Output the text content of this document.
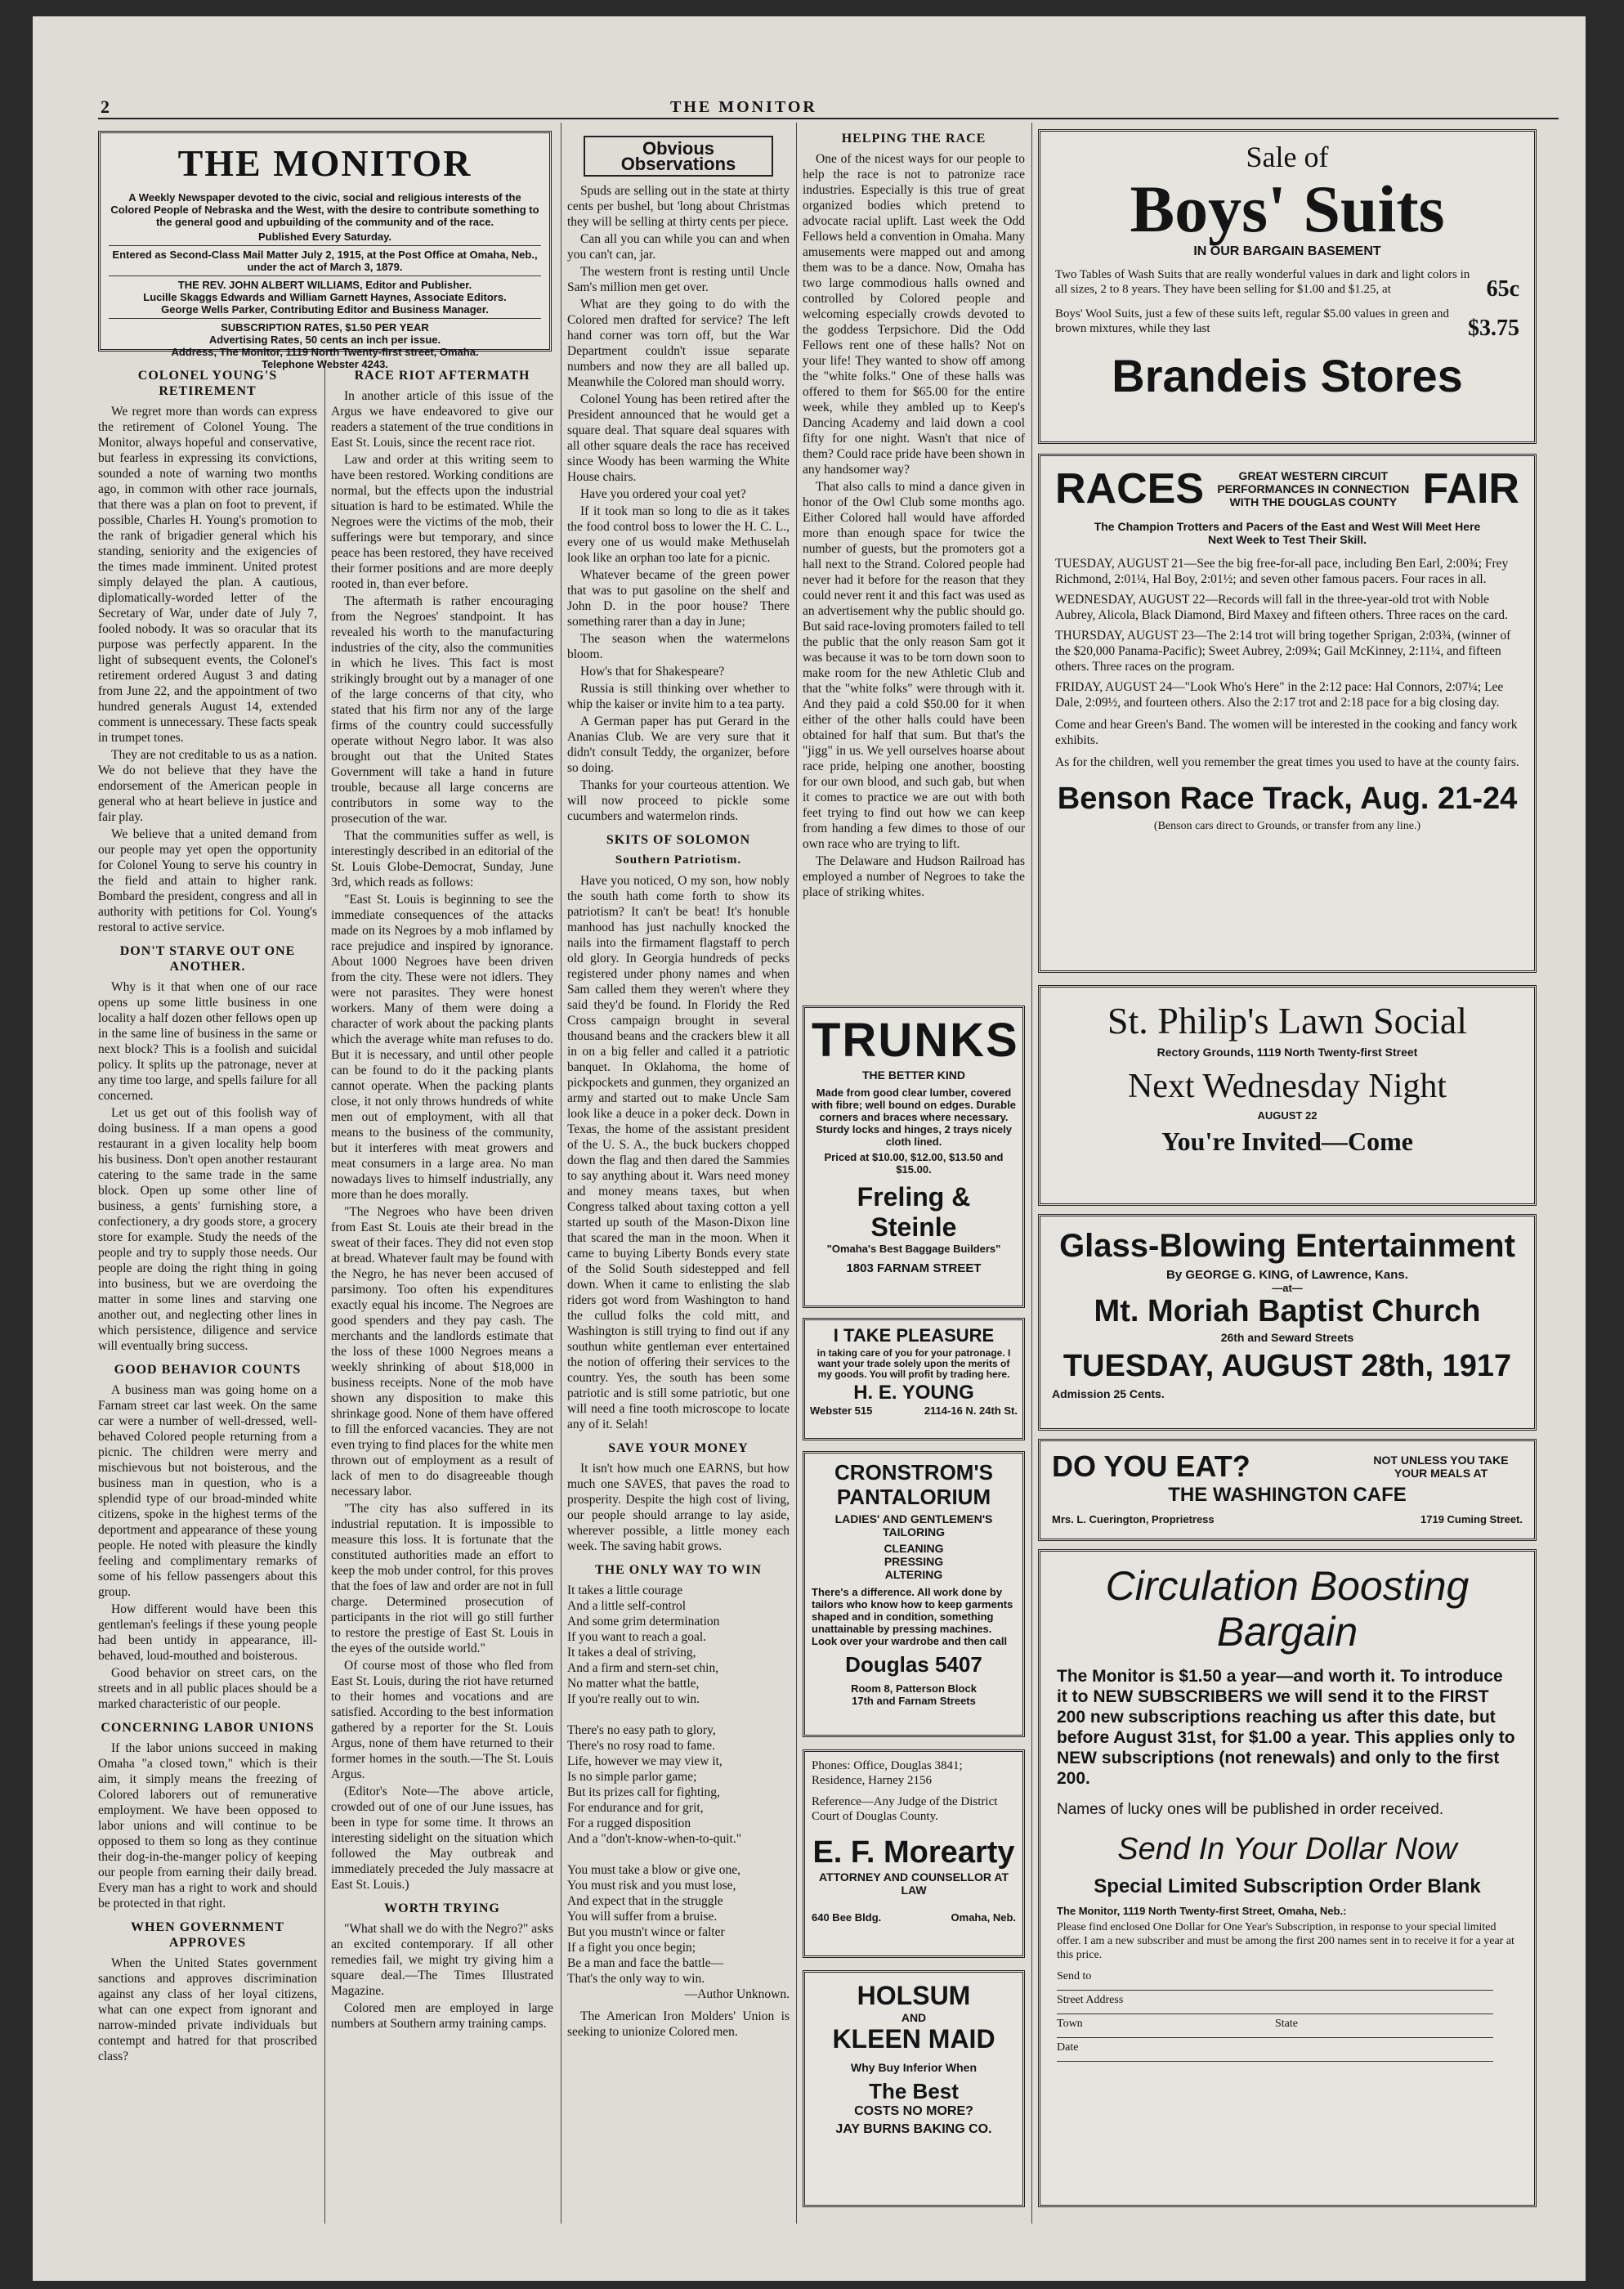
2	THE MONITOR
THE MONITOR
A Weekly Newspaper devoted to the civic, social and religious interests of the Colored People of Nebraska and the West, with the desire to contribute something to the general good and upbuilding of the community and of the race.
Published Every Saturday.
Entered as Second-Class Mail Matter July 2, 1915, at the Post Office at Omaha, Neb., under the act of March 3, 1879.
THE REV. JOHN ALBERT WILLIAMS, Editor and Publisher.
Lucille Skaggs Edwards and William Garnett Haynes, Associate Editors.
George Wells Parker, Contributing Editor and Business Manager.
SUBSCRIPTION RATES, $1.50 PER YEAR
Advertising Rates, 50 cents an inch per issue.
Address, The Monitor, 1119 North Twenty-first street, Omaha.
Telephone Webster 4243.
COLONEL YOUNG'S RETIREMENT

We regret more than words can express the retirement of Colonel Young. The Monitor, always hopeful and conservative, but fearless in expressing its convictions, sounded a note of warning two months ago, in common with other race journals, that there was a plan on foot to prevent, if possible, Charles H. Young's promotion to the rank of brigadier general which his standing, seniority and the exigencies of the times made imminent. United protest simply delayed the plan. A cautious, diplomatically-worded letter of the Secretary of War, under date of July 7, fooled nobody. It was so oracular that its purpose was perfectly apparent. In the light of subsequent events, the Colonel's retirement ordered August 3 and dating from June 22, and the appointment of two hundred generals August 14, extended comment is unnecessary. These facts speak in trumpet tones.

They are not creditable to us as a nation. We do not believe that they have the endorsement of the American people in general who at heart believe in justice and fair play.

We believe that a united demand from our people may yet open the opportunity for Colonel Young to serve his country in the field and attain to higher rank. Bombard the president, congress and all in authority with petitions for Col. Young's restoral to active service.

DON'T STARVE OUT ONE ANOTHER.

Why is it that when one of our race opens up some little business in one locality a half dozen other fellows open up in the same line of business in the same or next block? This is a foolish and suicidal policy. It splits up the patronage, never at any time too large, and spells failure for all concerned.

Let us get out of this foolish way of doing business. If a man opens a good restaurant in a given locality help boom his business. Don't open another restaurant catering to the same trade in the same block. Open up some other line of business, a gents' furnishing store, a confectionery, a dry goods store, a grocery store for example. Study the needs of the people and try to supply those needs. Our people are doing the right thing in going into business, but we are overdoing the matter in some lines and starving one another out, and neglecting other lines in which persistence, diligence and service will eventually bring success.

GOOD BEHAVIOR COUNTS

A business man was going home on a Farnam street car last week. On the same car were a number of well-dressed, well-behaved Colored people returning from a picnic. The children were merry and mischievous but not boisterous, and the business man in question, who is a splendid type of our broad-minded white citizens, spoke in the highest terms of the deportment and appearance of these young people. He noted with pleasure the kindly feeling and complimentary remarks of some of his fellow passengers about this group.

How different would have been this gentleman's feelings if these young people had been untidy in appearance, ill-behaved, loud-mouthed and boisterous.

Good behavior on street cars, on the streets and in all public places should be a marked characteristic of our people.

CONCERNING LABOR UNIONS

If the labor unions succeed in making Omaha "a closed town," which is their aim, it simply means the freezing of Colored laborers out of remunerative employment. We have been opposed to labor unions and will continue to be opposed to them so long as they continue their dog-in-the-manger policy of keeping our people from earning their daily bread. Every man has a right to work and should be protected in that right.

WHEN GOVERNMENT APPROVES

When the United States government sanctions and approves discrimination against any class of her loyal citizens, what can one expect from ignorant and narrow-minded private individuals but contempt and hatred for that proscribed class?

RACE RIOT AFTERMATH

In another article of this issue of the Argus we have endeavored to give our readers a statement of the true conditions in East St. Louis, since the recent race riot.

Law and order at this writing seem to have been restored. Working conditions are normal, but the effects upon the industrial situation is hard to be estimated. While the Negroes were the victims of the mob, their sufferings were but temporary, and since peace has been restored, they have received their former positions and are more deeply rooted in, than ever before.

The aftermath is rather encouraging from the Negroes' standpoint. It has revealed his worth to the manufacturing industries of the city, also the communities in which he lives. This fact is most strikingly brought out by a manager of one of the large concerns of that city, who stated that his firm nor any of the large firms of the country could successfully operate without Negro labor. It was also brought out that the United States Government will take a hand in future trouble, because all large concerns are contributors in some way to the prosecution of the war.

That the communities suffer as well, is interestingly described in an editorial of the St. Louis Globe-Democrat, Sunday, June 3rd, which reads as follows:

"East St. Louis is beginning to see the immediate consequences of the attacks made on its Negroes by a mob inflamed by race prejudice and inspired by ignorance. About 1000 Negroes have been driven from the city. These were not idlers. They were not parasites. They were honest workers. Many of them were doing a character of work about the packing plants which the average white man refuses to do. But it is necessary, and until other people can be found to do it the packing plants cannot operate. When the packing plants close, it not only throws hundreds of white men out of employment, with all that means to the business of the community, but it interferes with meat growers and meat consumers in a large area. No man nowadays lives to himself industrially, any more than he does morally.

"The Negroes who have been driven from East St. Louis ate their bread in the sweat of their faces. They did not even stop at bread. Whatever fault may be found with the Negro, he has never been accused of parsimony. Too often his expenditures exactly equal his income. The Negroes are good spenders and they pay cash. The merchants and the landlords estimate that the loss of these 1000 Negroes means a weekly shrinking of about $18,000 in business receipts. None of the mob have shown any disposition to make this shrinkage good. None of them have offered to fill the enforced vacancies. They are not even trying to find places for the white men thrown out of employment as a result of lack of men to do disagreeable though necessary labor.

"The city has also suffered in its industrial reputation. It is impossible to measure this loss. It is fortunate that the constituted authorities made an effort to keep the mob under control, for this proves that the foes of law and order are not in full charge. Determined prosecution of participants in the riot will go still further to restore the prestige of East St. Louis in the eyes of the outside world."

Of course most of those who fled from East St. Louis, during the riot have returned to their homes and vocations and are satisfied. According to the best information gathered by a reporter for the St. Louis Argus, none of them have returned to their former homes in the south.—The St. Louis Argus.

(Editor's Note—The above article, crowded out of one of our June issues, has been in type for some time. It throws an interesting sidelight on the situation which followed the May outbreak and immediately preceded the July massacre at East St. Louis.)

WORTH TRYING

"What shall we do with the Negro?" asks an excited contemporary. If all other remedies fail, we might try giving him a square deal.—The Times Illustrated Magazine.

Colored men are employed in large numbers at Southern army training camps.

Obvious Observations

Spuds are selling out in the state at thirty cents per bushel, but 'long about Christmas they will be selling at thirty cents per piece.

Can all you can while you can and when you can't can, jar.

The western front is resting until Uncle Sam's million men get over.

What are they going to do with the Colored men drafted for service? The left hand corner was torn off, but the War Department couldn't issue separate numbers and now they are all balled up. Meanwhile the Colored man should worry.

Colonel Young has been retired after the President announced that he would get a square deal. That square deal squares with all other square deals the race has received since Woody has been warming the White House chairs.

Have you ordered your coal yet?

If it took man so long to die as it takes the food control boss to lower the H. C. L., every one of us would make Methuselah look like an orphan too late for a picnic.

Whatever became of the green power that was to put gasoline on the shelf and John D. in the poor house? There something rarer than a day in June;

The season when the watermelons bloom.

How's that for Shakespeare?

Russia is still thinking over whether to whip the kaiser or invite him to a tea party.

A German paper has put Gerard in the Ananias Club. We are very sure that it didn't consult Teddy, the organizer, before so doing.

Thanks for your courteous attention. We will now proceed to pickle some cucumbers and watermelon rinds.

SKITS OF SOLOMON
Southern Patriotism.

Have you noticed, O my son, how nobly the south hath come forth to show its patriotism? It can't be beat! It's honuble manhood has just nachully knocked the nails into the firmament flagstaff to perch old glory. In Georgia hundreds of pecks registered under phony names and when Sam called them they weren't where they said they'd be found. In Floridy the Red Cross campaign brought in several thousand beans and the crackers blew it all in on a big feller and called it a patriotic banquet. In Oklahoma, the home of pickpockets and gunmen, they organized an army and started out to make Uncle Sam look like a deuce in a poker deck. Down in Texas, the home of the assistant president of the U. S. A., the buck buckers chopped down the flag and then dared the Sammies to say anything about it. Wars need money and money means taxes, but when Congress talked about taxing cotton a yell started up south of the Mason-Dixon line that scared the man in the moon. When it came to buying Liberty Bonds every state of the Solid South sidestepped and fell down. When it came to enlisting the slab riders got word from Washington to hand the cullud folks the cold mitt, and Washington is still trying to find out if any southun white gentleman ever entertained the notion of offering their services to the country. Yes, the south has been some patriotic and is still some patriotic, but one will need a fine tooth microscope to locate any of it. Selah!

SAVE YOUR MONEY

It isn't how much one EARNS, but how much one SAVES, that paves the road to prosperity. Despite the high cost of living, our people should arrange to lay aside, wherever possible, a little money each week. The saving habit grows.

THE ONLY WAY TO WIN

It takes a little courage

And a little self-control

And some grim determination

If you want to reach a goal.

It takes a deal of striving,

And a firm and stern-set chin,

No matter what the battle,

If you're really out to win.

There's no easy path to glory,

There's no rosy road to fame.

Life, however we may view it,

Is no simple parlor game;

But its prizes call for fighting,

For endurance and for grit,

For a rugged disposition

And a "don't-know-when-to-quit."

You must take a blow or give one,

You must risk and you must lose,

And expect that in the struggle

You will suffer from a bruise.

But you mustn't wince or falter

If a fight you once begin;

Be a man and face the battle—

That's the only way to win.

—Author Unknown.

The American Iron Molders' Union is seeking to unionize Colored men.

HELPING THE RACE

One of the nicest ways for our people to help the race is not to patronize race industries. Especially is this true of great organized bodies which pretend to advocate racial uplift. Last week the Odd Fellows held a convention in Omaha. Many amusements were mapped out and among them was to be a dance. Now, Omaha has two large commodious halls owned and controlled by Colored people and welcoming especially crowds devoted to the goddess Terpsichore. Did the Odd Fellows rent one of these halls? Not on your life! They wanted to show off among the "white folks." One of these halls was offered to them for $65.00 for the entire week, while they ambled up to Keep's Dancing Academy and laid down a cool fifty for one night. Wasn't that nice of them? Could race pride have been shown in any handsomer way?

That also calls to mind a dance given in honor of the Owl Club some months ago. Either Colored hall would have afforded more than enough space for twice the number of guests, but the promoters got a hall next to the Strand. Colored people had never had it before for the reason that they could never rent it and this fact was used as an advertisement why the public should go. But said race-loving promoters failed to tell the public that the only reason Sam got it was because it was to be torn down soon to make room for the new Athletic Club and that the "white folks" were through with it. And they paid a cold $50.00 for it when either of the other halls could have been obtained for half that sum. But that's the "jigg" in us. We yell ourselves hoarse about race pride, helping one another, boosting for our own blood, and such gab, but when it comes to practice we are out with both feet trying to find out how we can keep from handing a few dimes to those of our own race who are trying to lift.

The Delaware and Hudson Railroad has employed a number of Negroes to take the place of striking whites.

TRUNKS
THE BETTER KIND
Made from good clear lumber, covered with fibre; well bound on edges. Durable corners and braces where necessary. Sturdy locks and hinges, 2 trays nicely cloth lined.
Priced at $10.00, $12.00, $13.50 and $15.00.
Freling & Steinle
"Omaha's Best Baggage Builders"
1803 FARNAM STREET
I TAKE PLEASURE
in taking care of you for your patronage. I want your trade solely upon the merits of my goods. You will profit by trading here.
H. E. YOUNG
Webster 515	2114-16 N. 24th St.
CRONSTROM'S PANTALORIUM
LADIES' AND GENTLEMEN'S TAILORING
CLEANING
PRESSING
ALTERING
There's a difference. All work done by tailors who know how to keep garments shaped and in condition, something unattainable by pressing machines. Look over your wardrobe and then call
Douglas 5407
Room 8, Patterson Block
17th and Farnam Streets
Phones: Office, Douglas 3841; Residence, Harney 2156
Reference—Any Judge of the District Court of Douglas County.
E. F. Morearty
ATTORNEY AND COUNSELLOR AT LAW
640 Bee Bldg.	Omaha, Neb.
HOLSUM
AND
KLEEN MAID
Why Buy Inferior When
The Best
COSTS NO MORE?
JAY BURNS BAKING CO.
Sale of
Boys' Suits
IN OUR BARGAIN BASEMENT
Two Tables of Wash Suits that are really wonderful values in dark and light colors in all sizes, 2 to 8 years. They have been selling for $1.00 and $1.25, at	65c
Boys' Wool Suits, just a few of these suits left, regular $5.00 values in green and brown mixtures, while they last	$3.75
Brandeis Stores
RACES	GREAT WESTERN CIRCUIT PERFORMANCES IN CONNECTION WITH THE DOUGLAS COUNTY FAIR
The Champion Trotters and Pacers of the East and West Will Meet Here Next Week to Test Their Skill.
TUESDAY, AUGUST 21—See the big free-for-all pace, including Ben Earl, 2:00¾; Frey Richmond, 2:01¼, Hal Boy, 2:01½; and seven other famous pacers. Four races in all.
WEDNESDAY, AUGUST 22—Records will fall in the three-year-old trot with Noble Aubrey, Alicola, Black Diamond, Bird Maxey and fifteen others. Three races on the card.
THURSDAY, AUGUST 23—The 2:14 trot will bring together Sprigan, 2:03¾, (winner of the $20,000 Panama-Pacific); Sweet Aubrey, 2:09¾; Gail McKinney, 2:11¼, and fifteen others. Three races on the program.
FRIDAY, AUGUST 24—"Look Who's Here" in the 2:12 pace: Hal Connors, 2:07¼; Lee Dale, 2:09½, and fourteen others. Also the 2:17 trot and 2:18 pace for a big closing day.
Come and hear Green's Band. The women will be interested in the cooking and fancy work exhibits.
As for the children, well you remember the great times you used to have at the county fairs.
Benson Race Track, Aug. 21-24
(Benson cars direct to Grounds, or transfer from any line.)
St. Philip's Lawn Social
Rectory Grounds, 1119 North Twenty-first Street
Next Wednesday Night
AUGUST 22
You're Invited—Come
Glass-Blowing Entertainment
By GEORGE G. KING, of Lawrence, Kans.
—at—
Mt. Moriah Baptist Church
26th and Seward Streets
TUESDAY, AUGUST 28th, 1917
Admission 25 Cents.
DO YOU EAT?	NOT UNLESS YOU TAKE YOUR MEALS AT
THE WASHINGTON CAFE
Mrs. L. Cuerington, Proprietress	1719 Cuming Street.
Circulation Boosting
Bargain
The Monitor is $1.50 a year—and worth it. To introduce it to NEW SUBSCRIBERS we will send it to the FIRST 200 new subscriptions reaching us after this date, but before August 31st, for $1.00 a year. This applies only to NEW subscriptions (not renewals) and only to the first 200.
Names of lucky ones will be published in order received.
Send In Your Dollar Now
Special Limited Subscription Order Blank
The Monitor, 1119 North Twenty-first Street, Omaha, Neb.:
Please find enclosed One Dollar for One Year's Subscription, in response to your special limited offer. I am a new subscriber and must be among the first 200 names sent in to receive it for a year at this price.
Send to
Street Address
Town	State
Date
